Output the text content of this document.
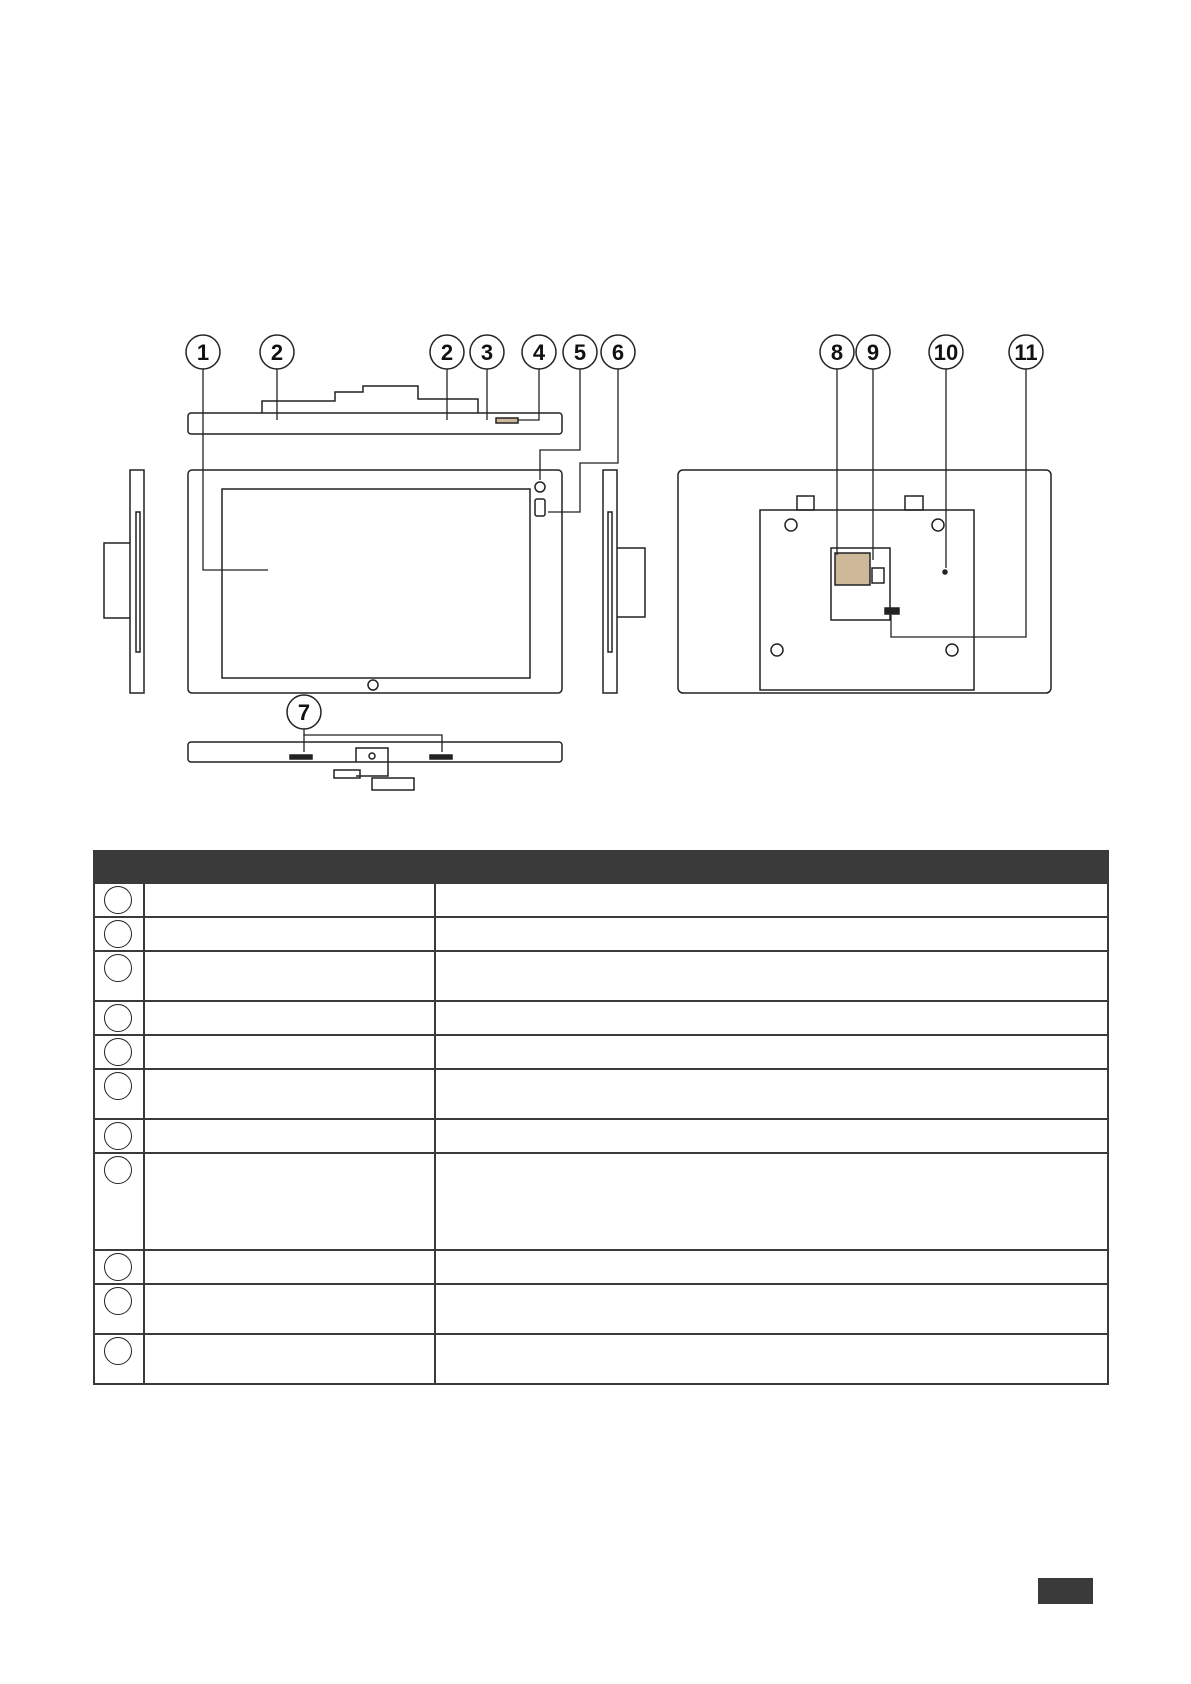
1	2	2 3 4 5 6
7
8 9 10	11
